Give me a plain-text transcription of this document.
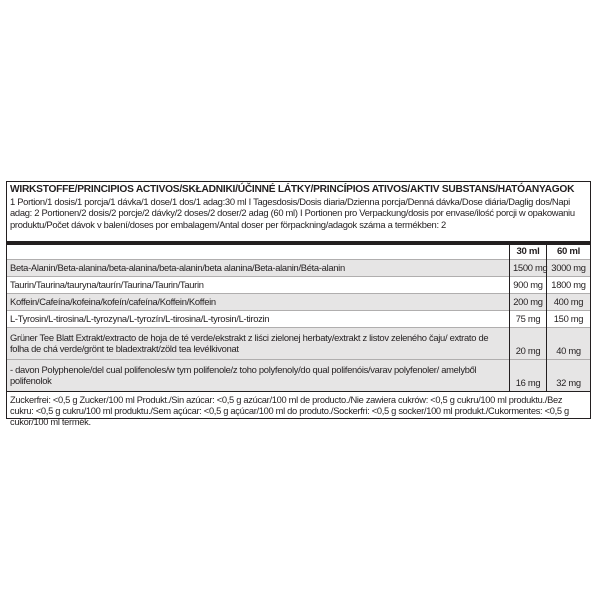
WIRKSTOFFE/PRINCIPIOS ACTIVOS/SKŁADNIKI/ÚČINNÉ LÁTKY/PRINCÍPIOS ATIVOS/AKTIV SUBSTANS/HATÓANYAGOK
1 Portion/1 dosis/1 porcja/1 dávka/1 dose/1 dos/1 adag:30 ml I Tagesdosis/Dosis diaria/Dzienna porcja/Denná dávka/Dose diária/Daglig dos/Napi adag: 2 Portionen/2 dosis/2 porcje/2 dávky/2 doses/2 doser/2 adag (60 ml) I Portionen pro Verpackung/dosis por envase/ilość porcji w opakowaniu produktu/Počet dávok v balení/doses por embalagem/Antal doser per förpackning/adagok száma a termékben: 2
	30 ml	60 ml
Beta-Alanin/Beta-alanina/beta-alanina/beta-alanin/beta alanina/Beta-alanin/Béta-alanin	1500 mg	3000 mg
Taurin/Taurina/tauryna/taurín/Taurina/Taurin/Taurin	900 mg	1800 mg
Koffein/Cafeína/kofeina/kofeín/cafeína/Koffein/Koffein	200 mg	400 mg
L-Tyrosin/L-tirosina/L-tyrozyna/L-tyrozín/L-tirosina/L-tyrosin/L-tirozin	75 mg	150 mg
Grüner Tee Blatt Extrakt/extracto de hoja de té verde/ekstrakt z liści zielonej herbaty/extrakt z listov zeleného čaju/ extrato de folha de chá verde/grönt te bladextrakt/zöld tea levélkivonat	20 mg	40 mg
- davon Polyphenole/del cual polifenoles/w tym polifenole/z toho polyfenoly/do qual polifenóis/varav polyfenoler/ amelyből polifenolok	16 mg	32 mg
Zuckerfrei: <0,5 g Zucker/100 ml Produkt./Sin azúcar: <0,5 g azúcar/100 ml de producto./Nie zawiera cukrów: <0,5 g cukru/100 ml produktu./Bez cukru: <0,5 g cukru/100 ml produktu./Sem açúcar: <0,5 g açúcar/100 ml do produto./Sockerfri: <0,5 g socker/100 ml produkt./Cukormentes: <0,5 g cukor/100 ml termék.
